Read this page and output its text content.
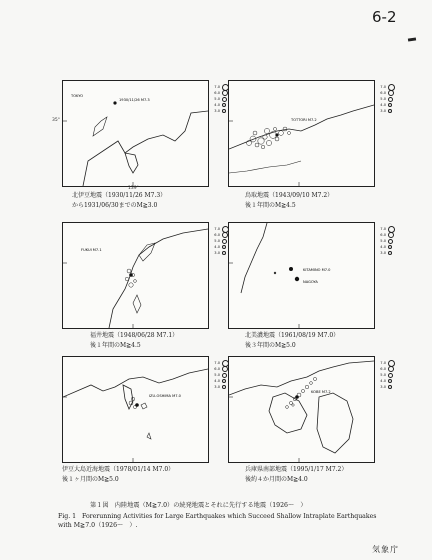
6-2
TOKYO
1930/11/26 M7.3
7.0
6.0
5.0
4.0
3.0
139°
35°
北伊豆地震（1930/11/26 M7.3）
から1931/06/30までのM≧3.0
TOTTORI M7.2
7.0
6.0
5.0
4.0
3.0
鳥取地震（1943/09/10 M7.2）
後１年間のM≧4.5
FUKUI M7.1
7.0
6.0
5.0
4.0
3.0
福井地震（1948/06/28 M7.1）
後１年間のM≧4.5
KITAMINO M7.0
NAGOYA
7.0
6.0
5.0
4.0
3.0
北美濃地震（1961/08/19 M7.0）
後３年間のM≧5.0
IZU-OSHIMA M7.0
7.0
6.0
5.0
4.0
3.0
伊豆大島近海地震（1978/01/14 M7.0）
後１ヶ月間のM≧5.0
KOBE M7.2
7.0
6.0
5.0
4.0
3.0
兵庫県南部地震（1995/1/17 M7.2）
後約４か月間のM≧4.0
第１図　内陸地震（M≧7.0）の続発地震とそれに先行する地震（1926～　）
Fig. 1 Forerunning Activities for Large Earthquakes which Succeed Shallow Intraplate Earthquakes with M≧7.0（1926～　）.
気象庁
